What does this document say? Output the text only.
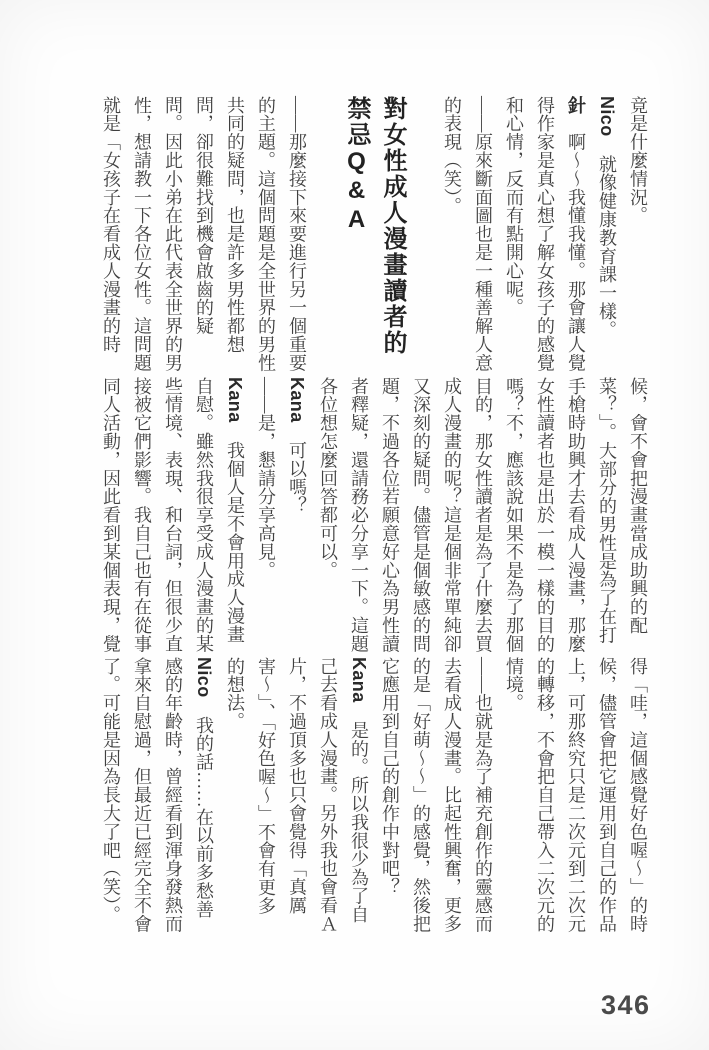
竟是什麼情況。
Nico　就像健康教育課一樣。
針　啊〜〜我懂我懂。那會讓人覺
得作家是真心想了解女孩子的感覺
和心情，反而有點開心呢。
——原來斷面圖也是一種善解人意
的表現（笑）。
對女性成人漫畫讀者的
禁忌Q&A
——那麼接下來要進行另一個重要
的主題。這個問題是全世界的男性
共同的疑問，也是許多男性都想
問，卻很難找到機會啟齒的疑
問。因此小弟在此代表全世界的男
性，想請教一下各位女性。這問題
就是「女孩子在看成人漫畫的時
候，會不會把漫畫當成助興的配
菜？」。大部分的男性是為了在打
手槍時助興才去看成人漫畫，那麼
女性讀者也是出於一模一樣的目的
嗎？不，應該說如果不是為了那個
目的，那女性讀者是為了什麼去買
成人漫畫的呢？這是個非常單純卻
又深刻的疑問。儘管是個敏感的問
題，不過各位若願意好心為男性讀
者釋疑，還請務必分享一下。這題
各位想怎麼回答都可以。
Kana　可以嗎？
——是，懇請分享高見。
Kana　我個人是不會用成人漫畫
自慰。雖然我很享受成人漫畫的某
些情境、表現、和台詞，但很少直
接被它們影響。我自己也有在從事
同人活動，因此看到某個表現，覺
得「哇，這個感覺好色喔〜」的時
候，儘管會把它運用到自己的作品
上，可那終究只是二次元到二次元
的轉移，不會把自己帶入二次元的
情境。
——也就是為了補充創作的靈感而
去看成人漫畫。比起性興奮，更多
的是「好萌〜〜」的感覺，然後把
它應用到自己的創作中對吧？
Kana　是的。所以我很少為了自
己去看成人漫畫。另外我也會看Ａ
片，不過頂多也只會覺得「真厲
害〜」、「好色喔〜」不會有更多
的想法。
Nico　我的話……在以前多愁善
感的年齡時，曾經看到渾身發熱而
拿來自慰過，但最近已經完全不會
了。可能是因為長大了吧（笑）。
346
